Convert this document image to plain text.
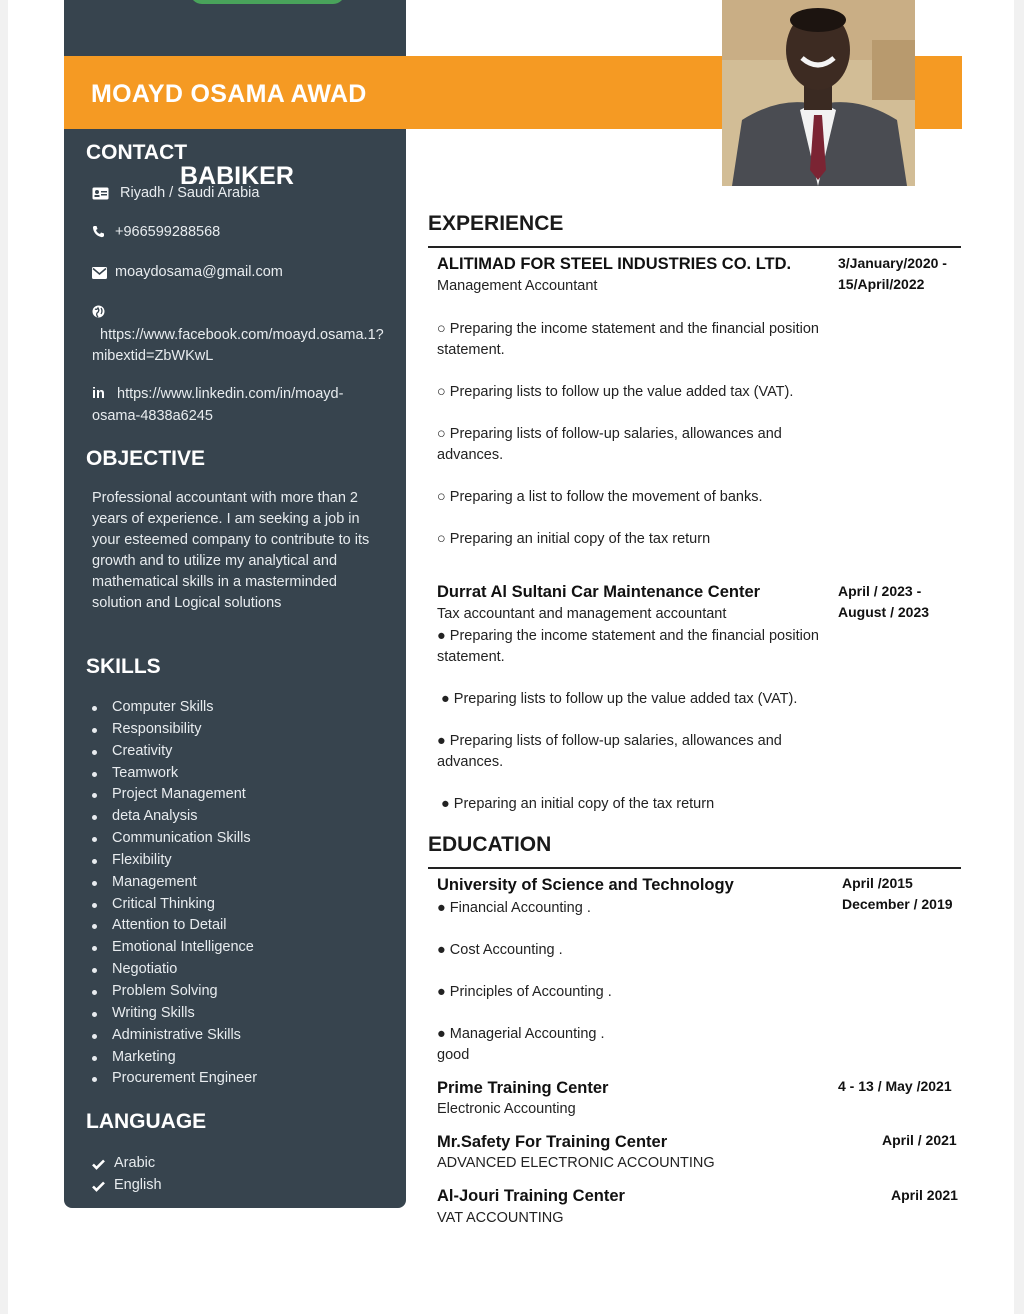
MOAYD OSAMA AWAD
BABIKER
CONTACT
Riyadh / Saudi Arabia
+966599288568
moaydosama@gmail.com
https://www.facebook.com/moayd.osama.1?
mibextid=ZbWKwL
in https://www.linkedin.com/in/moayd-
osama-4838a6245
OBJECTIVE
Professional accountant with more than 2 years of experience. I am seeking a job in your esteemed company to contribute to its growth and to utilize my analytical and mathematical skills in a masterminded solution and Logical solutions
SKILLS
Computer Skills
Responsibility
Creativity
Teamwork
Project Management
deta Analysis
Communication Skills
Flexibility
Management
Critical Thinking
Attention to Detail
Emotional Intelligence
Negotiatio
Problem Solving
Writing Skills
Administrative Skills
Marketing
Procurement Engineer
LANGUAGE
Arabic
English
EXPERIENCE
ALITIMAD FOR STEEL INDUSTRIES CO. LTD.
Management Accountant
3/January/2020 -
15/April/2022
○ Preparing the income statement and the financial position statement.
○ Preparing lists to follow up the value added tax (VAT).
○ Preparing lists of follow-up salaries, allowances and advances.
○ Preparing a list to follow the movement of banks.
○ Preparing an initial copy of the tax return
Durrat Al Sultani Car Maintenance Center
Tax accountant and management accountant
April / 2023 -
August / 2023
● Preparing the income statement and the financial position statement.
● Preparing lists to follow up the value added tax (VAT).
● Preparing lists of follow-up salaries, allowances and advances.
● Preparing an initial copy of the tax return
EDUCATION
University of Science and Technology	April /2015
December / 2019
● Financial Accounting .
● Cost Accounting .
● Principles of Accounting .
● Managerial Accounting .
good
Prime Training Center
Electronic Accounting
4 - 13 / May /2021
Mr.Safety For Training Center
ADVANCED ELECTRONIC ACCOUNTING
April / 2021
Al-Jouri Training Center
VAT ACCOUNTING
April 2021
